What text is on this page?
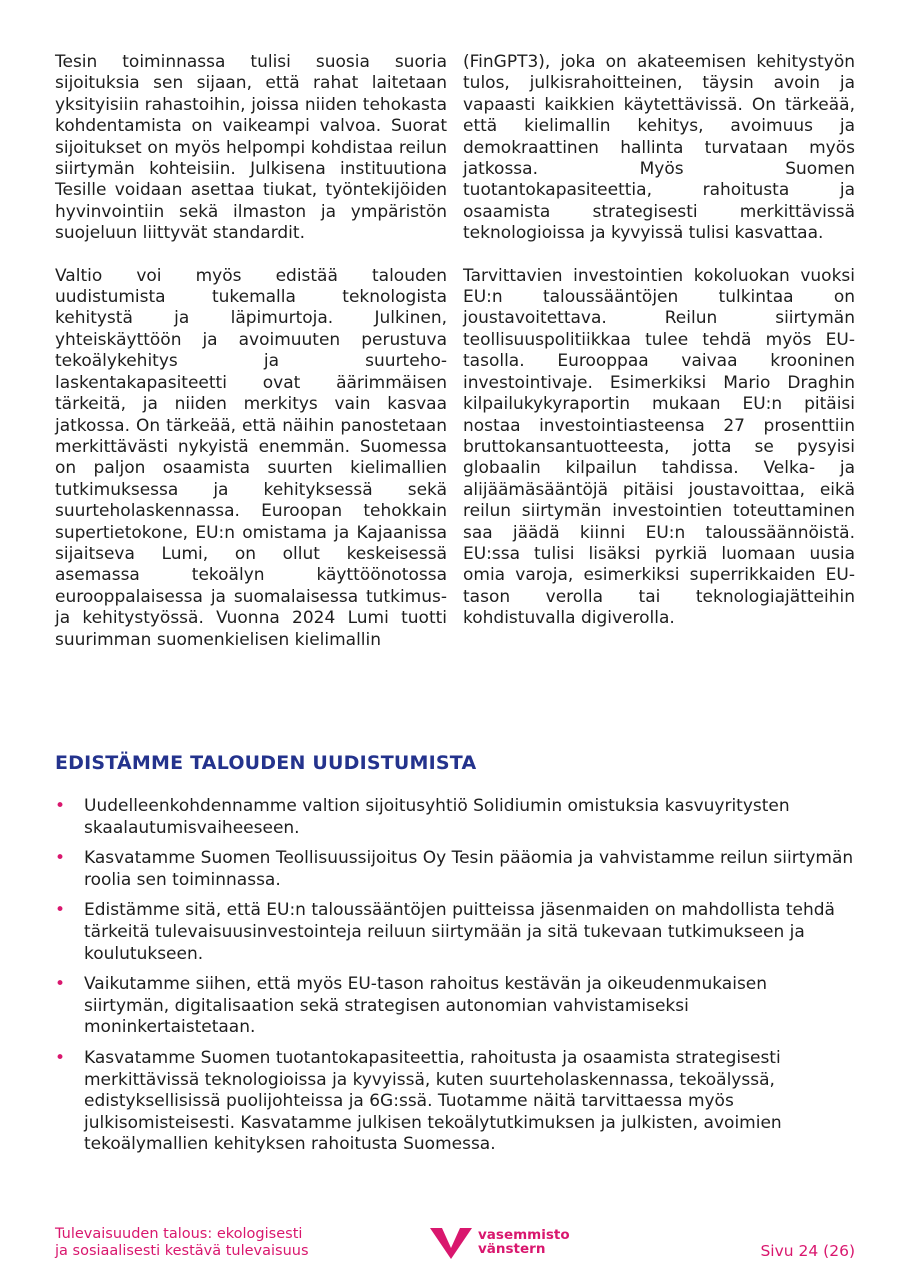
Tesin toiminnassa tulisi suosia suoria sijoituksia sen sijaan, että rahat laitetaan yksityisiin rahastoihin, joissa niiden tehokasta kohdentamista on vaikeampi valvoa. Suorat sijoitukset on myös helpompi kohdistaa reilun siirtymän kohteisiin. Julkisena instituutiona Tesille voidaan asettaa tiukat, työntekijöiden hyvinvointiin sekä ilmaston ja ympäristön suojeluun liittyvät standardit.

Valtio voi myös edistää talouden uudistumista tukemalla teknologista kehitystä ja läpimurtoja. Julkinen, yhteiskäyttöön ja avoimuuten perustuva tekoälykehitys ja suurteholaskentakapasiteetti ovat äärimmäisen tärkeitä, ja niiden merkitys vain kasvaa jatkossa. On tärkeää, että näihin panostetaan merkittävästi nykyistä enemmän. Suomessa on paljon osaamista suurten kielimallien tutkimuksessa ja kehityksessä sekä suurteholaskennassa. Euroopan tehokkain supertietokone, EU:n omistama ja Kajaanissa sijaitseva Lumi, on ollut keskeisessä asemassa tekoälyn käyttöönotossa eurooppalaisessa ja suomalaisessa tutkimus- ja kehitystyössä. Vuonna 2024 Lumi tuotti suurimman suomenkielisen kielimallin

(FinGPT3), joka on akateemisen kehitystyön tulos, julkisrahoitteinen, täysin avoin ja vapaasti kaikkien käytettävissä. On tärkeää, että kielimallin kehitys, avoimuus ja demokraattinen hallinta turvataan myös jatkossa. Myös Suomen tuotantokapasiteettia, rahoitusta ja osaamista strategisesti merkittävissä teknologioissa ja kyvyissä tulisi kasvattaa.

Tarvittavien investointien kokoluokan vuoksi EU:n taloussääntöjen tulkintaa on joustavoitettava. Reilun siirtymän teollisuuspolitiikkaa tulee tehdä myös EU-tasolla. Eurooppaa vaivaa krooninen investointivaje. Esimerkiksi Mario Draghin kilpailukykyraportin mukaan EU:n pitäisi nostaa investointiasteensa 27 prosenttiin bruttokansantuotteesta, jotta se pysyisi globaalin kilpailun tahdissa. Velka- ja alijäämäsääntöjä pitäisi joustavoittaa, eikä reilun siirtymän investointien toteuttaminen saa jäädä kiinni EU:n taloussäännöistä. EU:ssa tulisi lisäksi pyrkiä luomaan uusia omia varoja, esimerkiksi superrikkaiden EU-tason verolla tai teknologiajätteihin kohdistuvalla digiverolla.

EDISTÄMME TALOUDEN UUDISTUMISTA
• Uudelleenkohdennamme valtion sijoitusyhtiö Solidiumin omistuksia kasvuyritysten skaalautumisvaiheeseen.
• Kasvatamme Suomen Teollisuussijoitus Oy Tesin pääomia ja vahvistamme reilun siirtymän roolia sen toiminnassa.
• Edistämme sitä, että EU:n taloussääntöjen puitteissa jäsenmaiden on mahdollista tehdä tärkeitä tulevaisuusinvestointeja reiluun siirtymään ja sitä tukevaan tutkimukseen ja koulutukseen.
• Vaikutamme siihen, että myös EU-tason rahoitus kestävän ja oikeudenmukaisen siirtymän, digitalisaation sekä strategisen autonomian vahvistamiseksi moninkertaistetaan.
• Kasvatamme Suomen tuotantokapasiteettia, rahoitusta ja osaamista strategisesti merkittävissä teknologioissa ja kyvyissä, kuten suurteholaskennassa, tekoälyssä, edistyksellisissä puolijohteissa ja 6G:ssä. Tuotamme näitä tarvittaessa myös julkisomisteisesti. Kasvatamme julkisen tekoälytutkimuksen ja julkisten, avoimien tekoälymallien kehityksen rahoitusta Suomessa.
Tulevaisuuden talous: ekologisesti
ja sosiaalisesti kestävä tulevaisuus
vasemmisto
vänstern	Sivu 24 (26)
